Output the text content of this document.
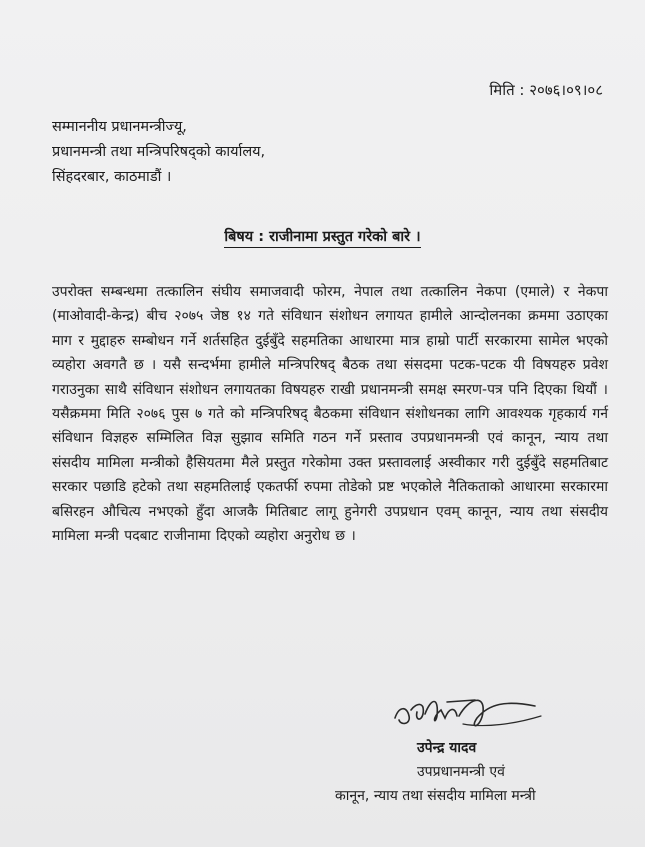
मिति : २०७६।०९।०८
सम्माननीय प्रधानमन्त्रीज्यू,
प्रधानमन्त्री तथा मन्त्रिपरिषद्को कार्यालय,
सिंहदरबार, काठमाडौं ।
बिषय : राजीनामा प्रस्तुत गरेको बारे ।
उपरोक्त सम्बन्धमा तत्कालिन संघीय समाजवादी फोरम, नेपाल तथा तत्कालिन नेकपा (एमाले) र नेकपा (माओवादी-केन्द्र) बीच २०७५ जेष्ठ १४ गते संविधान संशोधन लगायत हामीले आन्दोलनका क्रममा उठाएका माग र मुद्दाहरु सम्बोधन गर्ने शर्तसहित दुईबुँदे सहमतिका आधारमा मात्र हाम्रो पार्टी सरकारमा सामेल भएको व्यहोरा अवगतै छ । यसै सन्दर्भमा हामीले मन्त्रिपरिषद् बैठक तथा संसदमा पटक-पटक यी विषयहरु प्रवेश गराउनुका साथै संविधान संशोधन लगायतका विषयहरु राखी प्रधानमन्त्री समक्ष स्मरण-पत्र पनि दिएका थियौं । यसैक्रममा मिति २०७६ पुस ७ गते को मन्त्रिपरिषद् बैठकमा संविधान संशोधनका लागि आवश्यक गृहकार्य गर्न संविधान विज्ञहरु सम्मिलित विज्ञ सुझाव समिति गठन गर्ने प्रस्ताव उपप्रधानमन्त्री एवं कानून, न्याय तथा संसदीय मामिला मन्त्रीको हैसियतमा मैले प्रस्तुत गरेकोमा उक्त प्रस्तावलाई अस्वीकार गरी दुईबुँदे सहमतिबाट सरकार पछाडि हटेको तथा सहमतिलाई एकतर्फी रुपमा तोडेको प्रष्ट भएकोले नैतिकताको आधारमा सरकारमा बसिरहन औचित्य नभएको हुँदा आजकै मितिबाट लागू हुनेगरी उपप्रधान एवम् कानून, न्याय तथा संसदीय मामिला मन्त्री पदबाट राजीनामा दिएको व्यहोरा अनुरोध छ ।
उपेन्द्र यादव
उपप्रधानमन्त्री एवं
कानून, न्याय तथा संसदीय मामिला मन्त्री
